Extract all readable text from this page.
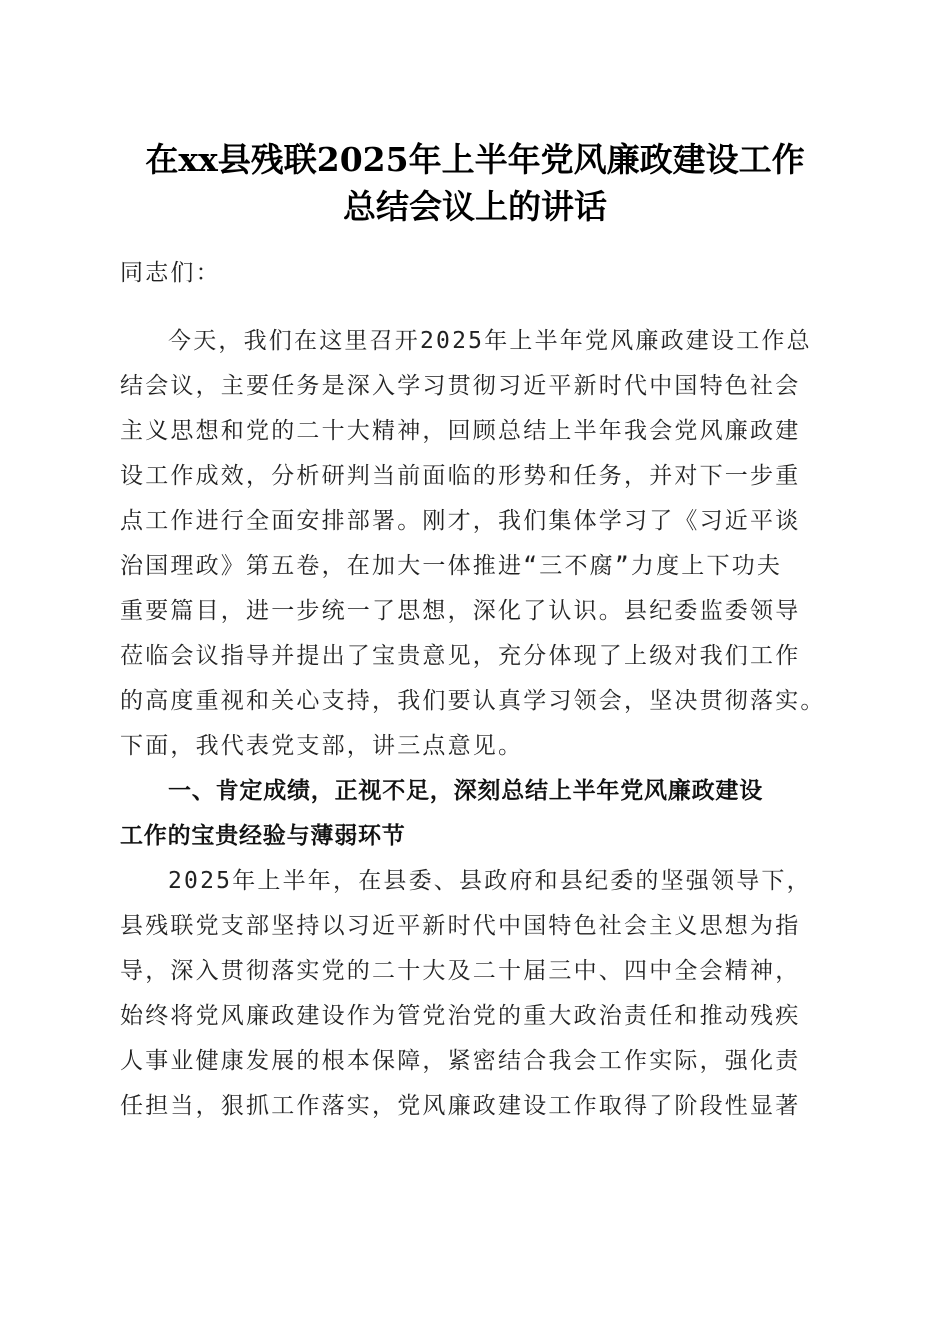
在xx县残联2025年上半年党风廉政建设工作
总结会议上的讲话
同志们：
今天，我们在这里召开2025年上半年党风廉政建设工作总
结会议，主要任务是深入学习贯彻习近平新时代中国特色社会
主义思想和党的二十大精神，回顾总结上半年我会党风廉政建
设工作成效，分析研判当前面临的形势和任务，并对下一步重
点工作进行全面安排部署。刚才，我们集体学习了《习近平谈
治国理政》第五卷，在加大一体推进“三不腐”力度上下功夫
重要篇目，进一步统一了思想，深化了认识。县纪委监委领导
莅临会议指导并提出了宝贵意见，充分体现了上级对我们工作
的高度重视和关心支持，我们要认真学习领会，坚决贯彻落实。
下面，我代表党支部，讲三点意见。
一、肯定成绩，正视不足，深刻总结上半年党风廉政建设
工作的宝贵经验与薄弱环节
2025年上半年，在县委、县政府和县纪委的坚强领导下，
县残联党支部坚持以习近平新时代中国特色社会主义思想为指
导，深入贯彻落实党的二十大及二十届三中、四中全会精神，
始终将党风廉政建设作为管党治党的重大政治责任和推动残疾
人事业健康发展的根本保障，紧密结合我会工作实际，强化责
任担当，狠抓工作落实，党风廉政建设工作取得了阶段性显著
